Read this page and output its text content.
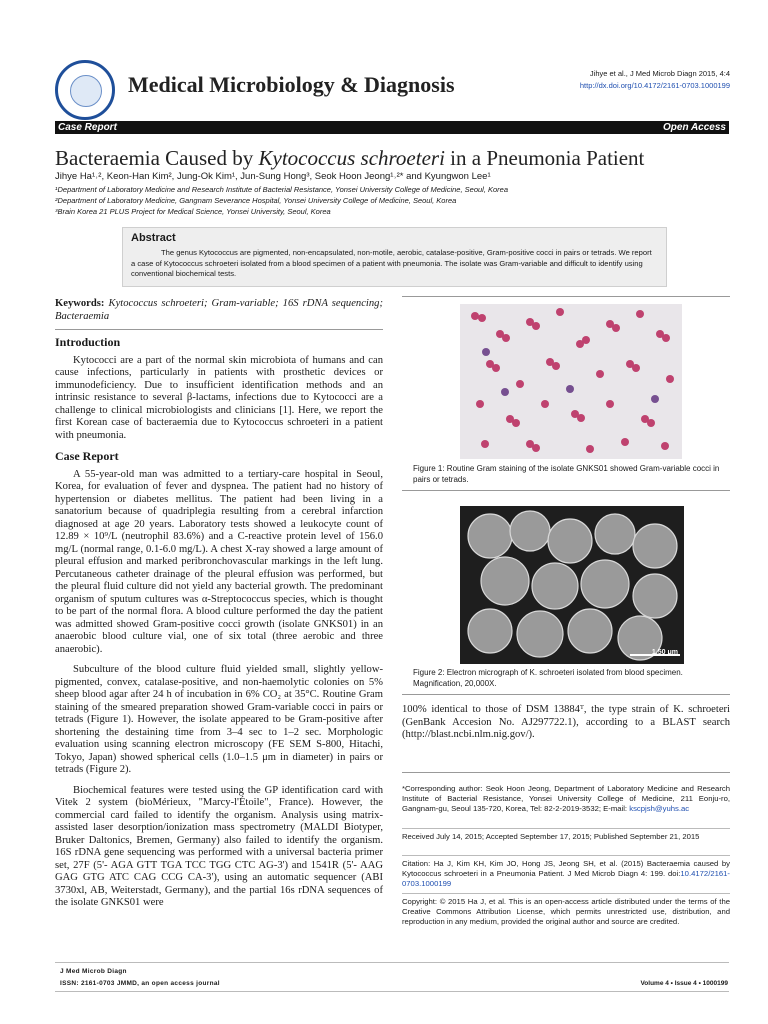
Medical Microbiology & Diagnosis	Jihye et al., J Med Microb Diagn 2015, 4:4
http://dx.doi.org/10.4172/2161-0703.1000199
Case Report	Open Access
Bacteraemia Caused by Kytococcus schroeteri in a Pneumonia Patient
Jihye Ha¹˒², Keon-Han Kim², Jung-Ok Kim¹, Jun-Sung Hong³, Seok Hoon Jeong¹˒²* and Kyungwon Lee¹
¹Department of Laboratory Medicine and Research Institute of Bacterial Resistance, Yonsei University College of Medicine, Seoul, Korea
²Department of Laboratory Medicine, Gangnam Severance Hospital, Yonsei University College of Medicine, Seoul, Korea
³Brain Korea 21 PLUS Project for Medical Science, Yonsei University, Seoul, Korea
Abstract

The genus Kytococcus are pigmented, non-encapsulated, non-motile, aerobic, catalase-positive, Gram-positive cocci in pairs or tetrads. We report a case of Kytococcus schroeteri isolated from a blood specimen of a patient with pneumonia. The isolate was Gram-variable and difficult to identify using conventional biochemical tests.

Keywords: Kytococcus schroeteri; Gram-variable; 16S rDNA sequencing; Bacteraemia
Introduction

Kytococci are a part of the normal skin microbiota of humans and can cause infections, particularly in patients with prosthetic devices or immunodeficiency. Due to insufficient identification methods and an intrinsic resistance to several β-lactams, infections due to Kytococci are a challenge to clinical microbiologists and clinicians [1]. Here, we report the first Korean case of bacteraemia due to Kytococcus schroeteri in a patient with pneumonia.

Case Report

A 55-year-old man was admitted to a tertiary-care hospital in Seoul, Korea, for evaluation of fever and dyspnea. The patient had no history of hypertension or diabetes mellitus. The patient had been living in a sanatorium because of quadriplegia resulting from a cerebral infarction diagnosed at age 20 years. Laboratory tests showed a leukocyte count of 12.89 × 10⁹/L (neutrophil 83.6%) and a C-reactive protein level of 156.0 mg/L (normal range, 0.1-6.0 mg/L). A chest X-ray showed a large amount of pleural effusion and marked peribronchovascular markings in the left lung. Percutaneous catheter drainage of the pleural effusion was performed, but the pleural fluid culture did not yield any bacterial growth. The predominant organism of sputum cultures was α-Streptococcus species, which is thought to be part of the normal flora. A blood culture performed the day the patient was admitted showed Gram-positive cocci growth (isolate GNKS01) in an anaerobic blood culture vial, one of six total (three aerobic and three anaerobic).

Subculture of the blood culture fluid yielded small, slightly yellow-pigmented, convex, catalase-positive, and non-haemolytic colonies on 5% sheep blood agar after 24 h of incubation in 6% CO₂ at 35°C. Routine Gram staining of the smeared preparation showed Gram-variable cocci in pairs or tetrads (Figure 1). However, the isolate appeared to be Gram-positive after shortening the destaining time from 3–4 sec to 1–2 sec. Morphologic evaluation using scanning electron microscopy (FE SEM S-800, Hitachi, Tokyo, Japan) showed spherical cells (1.0–1.5 μm in diameter) in pairs or tetrads (Figure 2).

Biochemical features were tested using the GP identification card with Vitek 2 system (bioMérieux, "Marcy-l'Étoile", France). However, the commercial card failed to identify the organism. Analysis using matrix-assisted laser desorption/ionization mass spectrometry (MALDI Biotyper, Bruker Daltonics, Bremen, Germany) also failed to identify the organism. 16S rDNA gene sequencing was performed with a universal bacteria primer set, 27F (5'- AGA GTT TGA TCC TGG CTC AG-3') and 1541R (5'- AAG GAG GTG ATC CAG CCG CA-3'), using an automatic sequencer (ABI 3730xl, AB, Weiterstadt, Germany), and the partial 16s rDNA sequences of the isolate GNKS01 were

Figure 1: Routine Gram staining of the isolate GNKS01 showed Gram-variable cocci in pairs or tetrads.
1.50 μm
Figure 2: Electron micrograph of K. schroeteri isolated from blood specimen. Magnification, 20,000X.
100% identical to those of DSM 13884ᵀ, the type strain of K. schroeteri (GenBank Accesion No. AJ297722.1), according to a BLAST search (http://blast.ncbi.nlm.nig.gov/).
*Corresponding author: Seok Hoon Jeong, Department of Laboratory Medicine and Research Institute of Bacterial Resistance, Yonsei University College of Medicine, 211 Eonju-ro, Gangnam-gu, Seoul 135-720, Korea, Tel: 82-2-2019-3532; E-mail: kscpjsh@yuhs.ac
Received July 14, 2015; Accepted September 17, 2015; Published September 21, 2015
Citation: Ha J, Kim KH, Kim JO, Hong JS, Jeong SH, et al. (2015) Bacteraemia caused by Kytococcus schroeteri in a Pneumonia Patient. J Med Microb Diagn 4: 199. doi:10.4172/2161-0703.1000199
Copyright: © 2015 Ha J, et al. This is an open-access article distributed under the terms of the Creative Commons Attribution License, which permits unrestricted use, distribution, and reproduction in any medium, provided the original author and source are credited.
J Med Microb Diagn
ISSN: 2161-0703 JMMD, an open access journal	Volume 4 • Issue 4 • 1000199
